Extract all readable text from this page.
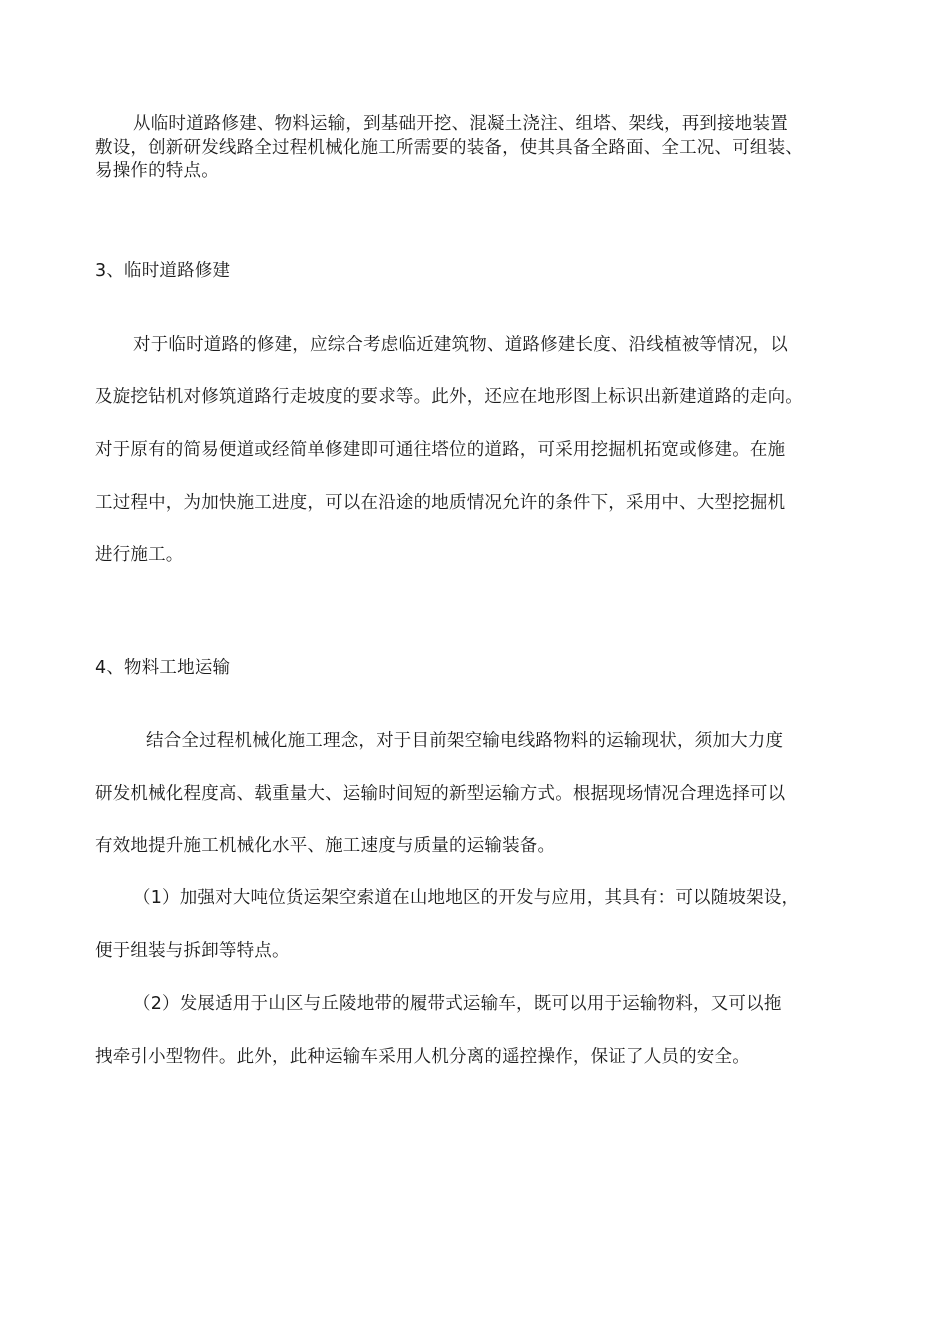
从临时道路修建、物料运输，到基础开挖、混凝土浇注、组塔、架线，再到接地装置
敷设，创新研发线路全过程机械化施工所需要的装备，使其具备全路面、全工况、可组装、
易操作的特点。
3、临时道路修建
对于临时道路的修建，应综合考虑临近建筑物、道路修建长度、沿线植被等情况，以
及旋挖钻机对修筑道路行走坡度的要求等。此外，还应在地形图上标识出新建道路的走向。
对于原有的简易便道或经简单修建即可通往塔位的道路，可采用挖掘机拓宽或修建。在施
工过程中，为加快施工进度，可以在沿途的地质情况允许的条件下，采用中、大型挖掘机
进行施工。
4、物料工地运输
结合全过程机械化施工理念，对于目前架空输电线路物料的运输现状，须加大力度
研发机械化程度高、载重量大、运输时间短的新型运输方式。根据现场情况合理选择可以
有效地提升施工机械化水平、施工速度与质量的运输装备。
（1）加强对大吨位货运架空索道在山地地区的开发与应用，其具有：可以随坡架设，
便于组装与拆卸等特点。
（2）发展适用于山区与丘陵地带的履带式运输车，既可以用于运输物料，又可以拖
拽牵引小型物件。此外，此种运输车采用人机分离的遥控操作，保证了人员的安全。
